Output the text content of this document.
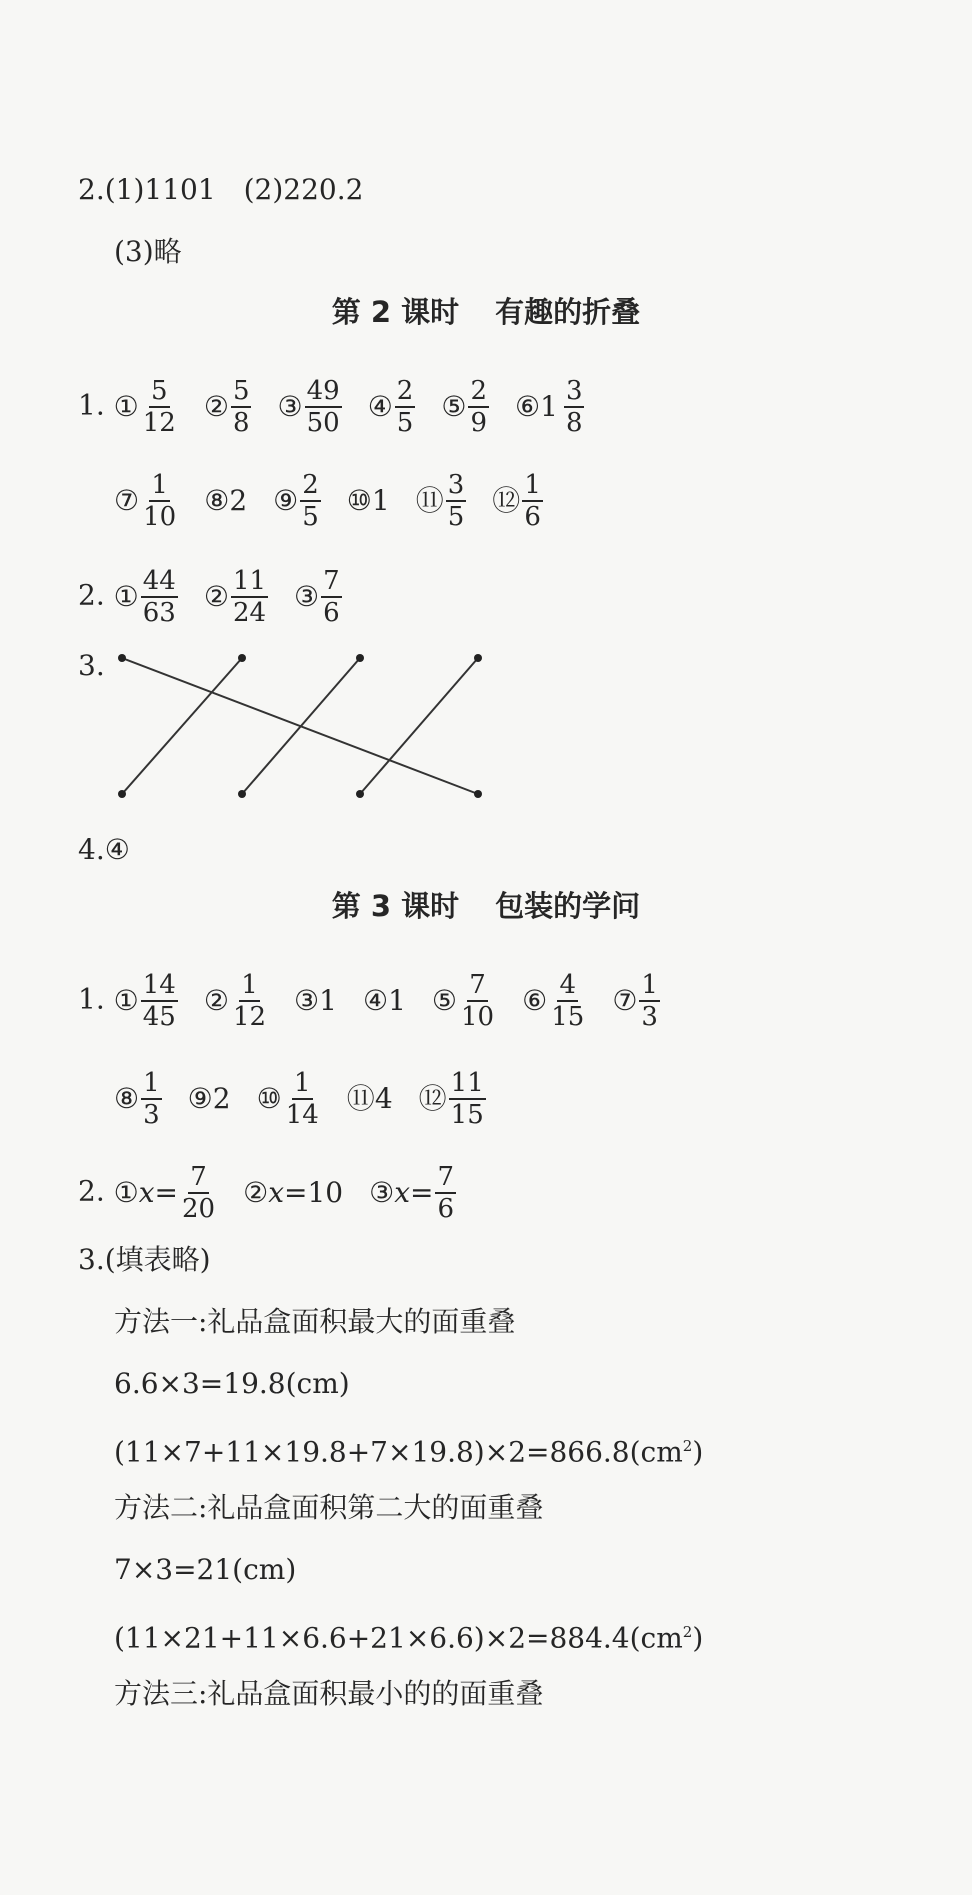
2.(1)1101　(2)220.2
(3)略
第 2 课时 有趣的折叠
1. ① $\frac{5}{12}$ ② $\frac{5}{8}$ ③ $\frac{49}{50}$ ④ $\frac{2}{5}$ ⑤ $\frac{2}{9}$ ⑥ $1 \frac{3}{8}$
⑦ $\frac{1}{10}$ ⑧ 2 ⑨ $\frac{2}{5}$ ⑩ 1 ⑪ $\frac{3}{5}$ ⑫ $\frac{1}{6}$
2. ① $\frac{44}{63}$ ② $\frac{11}{24}$ ③ $\frac{7}{6}$
3.
4.④
第 3 课时 包装的学问
1. ① $\frac{14}{45}$ ② $\frac{1}{12}$ ③ 1 ④ 1 ⑤ $\frac{7}{10}$ ⑥ $\frac{4}{15}$ ⑦ $\frac{1}{3}$
⑧ $\frac{1}{3}$ ⑨ 2 ⑩ $\frac{1}{14}$ ⑪ 4 ⑫ $\frac{11}{15}$
2. ① $x = \frac{7}{20}$ ② x = 10 ③ $x = \frac{7}{6}$
3.(填表略)
方法一:礼品盒面积最大的面重叠
6.6×3=19.8(cm)
$(11\times 7+11\times 19.8+7\times 19.8)\times 2=866.8(cm^2)$
方法二:礼品盒面积第二大的面重叠
7×3=21(cm)
$(11\times 21+11\times 6.6+21\times 6.6)\times 2=884.4(cm^2)$
方法三:礼品盒面积最小的的面重叠
